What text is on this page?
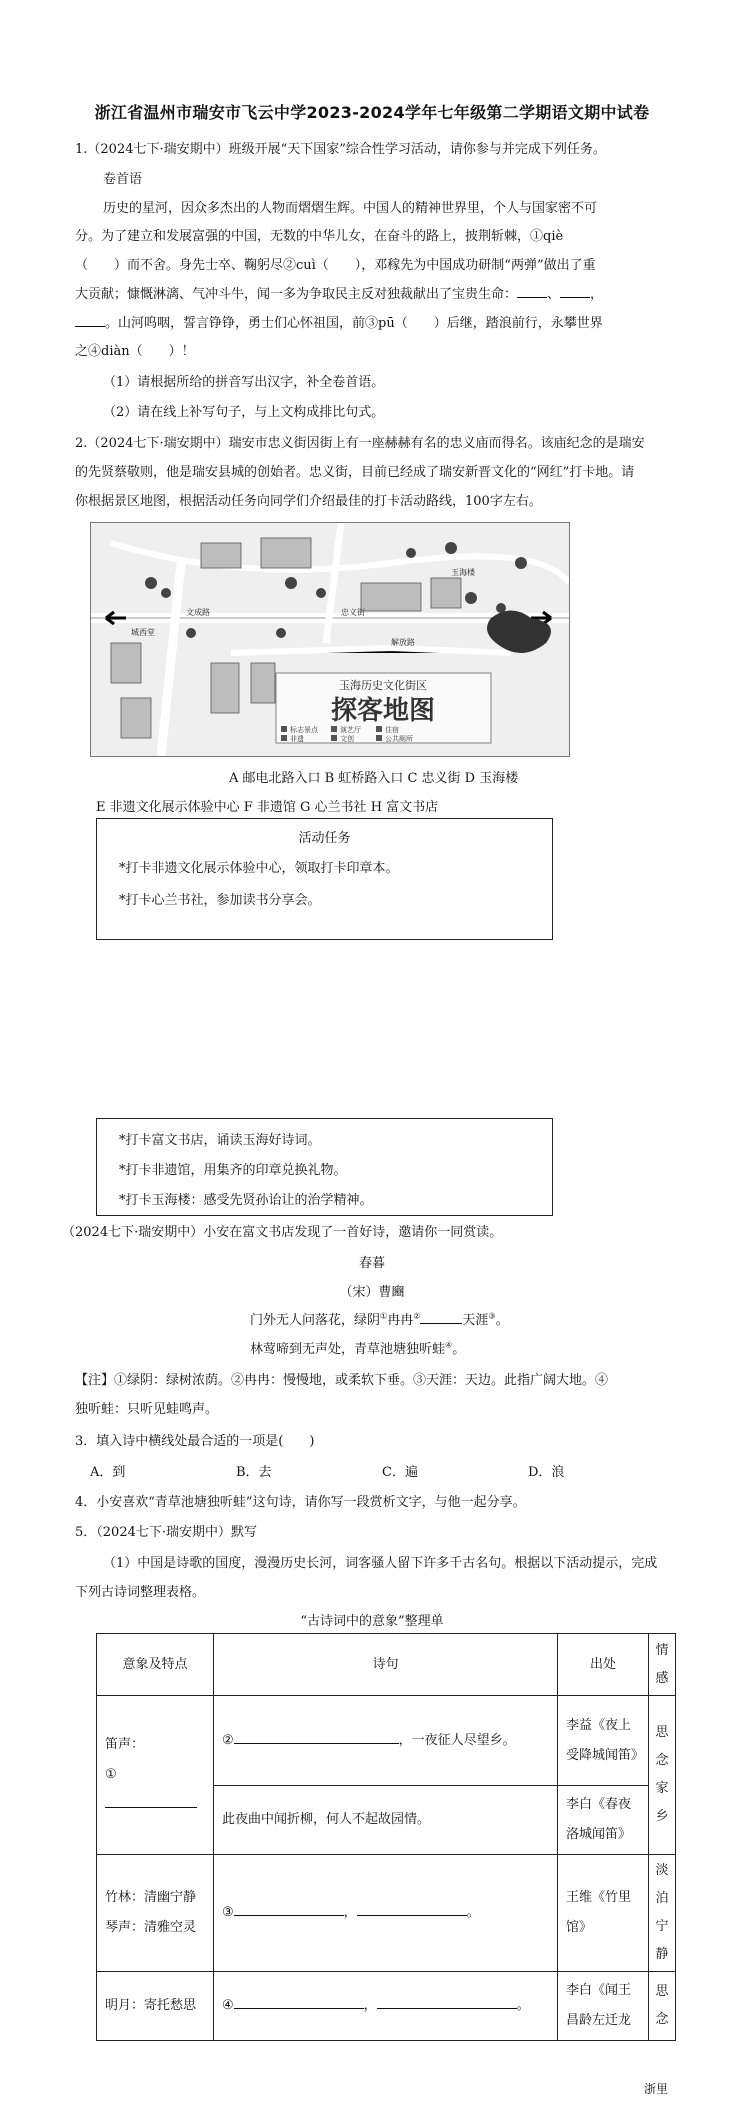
浙江省温州市瑞安市飞云中学2023-2024学年七年级第二学期语文期中试卷
1.（2024七下·瑞安期中）班级开展“天下国家”综合性学习活动，请你参与并完成下列任务。
卷首语
历史的星河，因众多杰出的人物而熠熠生辉。中国人的精神世界里，个人与国家密不可
分。为了建立和发展富强的中国，无数的中华儿女，在奋斗的路上，披荆斩棘，①qiè
（　　）而不舍。身先士卒、鞠躬尽②cuì（　　），邓稼先为中国成功研制“两弹”做出了重
大贡献；慷慨淋漓、气冲斗牛，闻一多为争取民主反对独裁献出了宝贵生命： 、 ，
。山河呜咽，誓言铮铮，勇士们心怀祖国，前③pū（　　）后继，踏浪前行，永攀世界
之④diàn（　　）！
（1）请根据所给的拼音写出汉字，补全卷首语。
（2）请在线上补写句子，与上文构成排比句式。
2.（2024七下·瑞安期中）瑞安市忠义街因街上有一座赫赫有名的忠义庙而得名。该庙纪念的是瑞安
的先贤蔡敬则，他是瑞安县城的创始者。忠义街，目前已经成了瑞安新晋文化的“网红”打卡地。请
你根据景区地图，根据活动任务向同学们介绍最佳的打卡活动路线，100字左右。
玉海历史文化街区
探客地图
标志景点	演艺厅	住宿
非遗	文创	公共厕所
忠义街
玉海楼
文成路
解放路
城西堂
A 邮电北路入口 B 虹桥路入口 C 忠义街 D 玉海楼
E 非遗文化展示体验中心 F 非遗馆 G 心兰书社 H 富文书店
活动任务
*打卡非遗文化展示体验中心，领取打卡印章本。
*打卡心兰书社，参加读书分享会。
*打卡富文书店，诵读玉海好诗词。
*打卡非遗馆，用集齐的印章兑换礼物。
*打卡玉海楼：感受先贤孙诒让的治学精神。
（2024七下·瑞安期中）小安在富文书店发现了一首好诗，邀请你一同赏读。
春暮
（宋）曹豳
门外无人问落花，绿阴①冉冉②	天涯③。
林莺啼到无声处，青草池塘独听蛙④。
【注】①绿阴：绿树浓荫。②冉冉：慢慢地，或柔软下垂。③天涯：天边。此指广阔大地。④
独听蛙：只听见蛙鸣声。
3．填入诗中横线处最合适的一项是(　　)
A．到	B．去	C．遍	D．浪
4．小安喜欢“青草池塘独听蛙”这句诗，请你写一段赏析文字，与他一起分享。
5．（2024七下·瑞安期中）默写
（1）中国是诗歌的国度，漫漫历史长河，词客骚人留下许多千古名句。根据以下活动提示，完成
下列古诗词整理表格。
“古诗词中的意象”整理单
意象及特点	诗句	出处	情感

笛声：
①	② ，一夜征人尽望乡。	李益《夜上受降城闻笛》	思念家乡
	此夜曲中闻折柳，何人不起故园情。	李白《春夜洛城闻笛》	

竹林：清幽宁静
琴声：清雅空灵	③ ， 。	王维《竹里馆》	淡泊宁静
明月：寄托愁思	④ ， 。	李白《闻王昌龄左迁龙	思念
浙里
